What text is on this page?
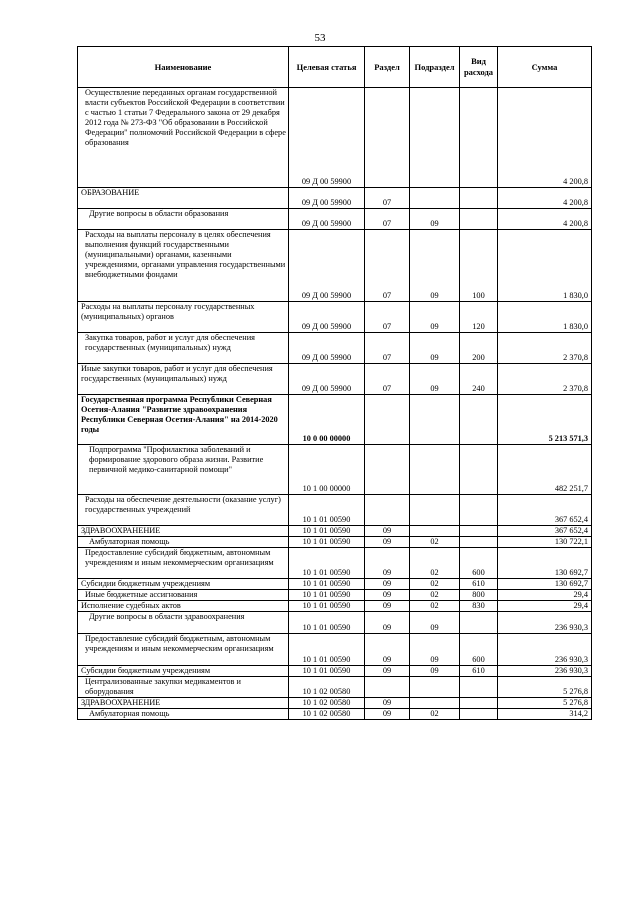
53
Наименование	Целевая статья	Раздел	Подраздел	Вид расхода	Сумма
Осуществление переданных органам государственной власти субъектов Российской Федерации в соответствии с частью 1 статьи 7 Федерального закона от 29 декабря 2012 года № 273-ФЗ "Об образовании в Российской Федерации" полномочий Российской Федерации в сфере образования	09 Д 00 59900				4 200,8
ОБРАЗОВАНИЕ	09 Д 00 59900	07			4 200,8
Другие вопросы в области образования	09 Д 00 59900	07	09		4 200,8
Расходы на выплаты персоналу в целях обеспечения выполнения функций государственными (муниципальными) органами, казенными учреждениями, органами управления государственными внебюджетными фондами	09 Д 00 59900	07	09	100	1 830,0
Расходы на выплаты персоналу государственных (муниципальных) органов	09 Д 00 59900	07	09	120	1 830,0
Закупка товаров, работ и услуг для обеспечения государственных (муниципальных) нужд	09 Д 00 59900	07	09	200	2 370,8
Иные закупки товаров, работ и услуг для обеспечения государственных (муниципальных) нужд	09 Д 00 59900	07	09	240	2 370,8
Государственная программа Республики Северная Осетия-Алания "Развитие здравоохранения Республики Северная Осетия-Алания" на 2014-2020 годы	10 0 00 00000				5 213 571,3
Подпрограмма "Профилактика заболеваний и формирование здорового образа жизни. Развитие первичной медико-санитарной помощи"	10 1 00 00000				482 251,7
Расходы на обеспечение деятельности (оказание услуг) государственных учреждений	10 1 01 00590				367 652,4
ЗДРАВООХРАНЕНИЕ	10 1 01 00590	09			367 652,4
Амбулаторная помощь	10 1 01 00590	09	02		130 722,1
Предоставление субсидий бюджетным, автономным учреждениям и иным некоммерческим организациям	10 1 01 00590	09	02	600	130 692,7
Субсидии бюджетным учреждениям	10 1 01 00590	09	02	610	130 692,7
Иные бюджетные ассигнования	10 1 01 00590	09	02	800	29,4
Исполнение судебных актов	10 1 01 00590	09	02	830	29,4
Другие вопросы в области здравоохранения	10 1 01 00590	09	09		236 930,3
Предоставление субсидий бюджетным, автономным учреждениям и иным некоммерческим организациям	10 1 01 00590	09	09	600	236 930,3
Субсидии бюджетным учреждениям	10 1 01 00590	09	09	610	236 930,3
Централизованные закупки медикаментов и оборудования	10 1 02 00580				5 276,8
ЗДРАВООХРАНЕНИЕ	10 1 02 00580	09			5 276,8
Амбулаторная помощь	10 1 02 00580	09	02		314,2
